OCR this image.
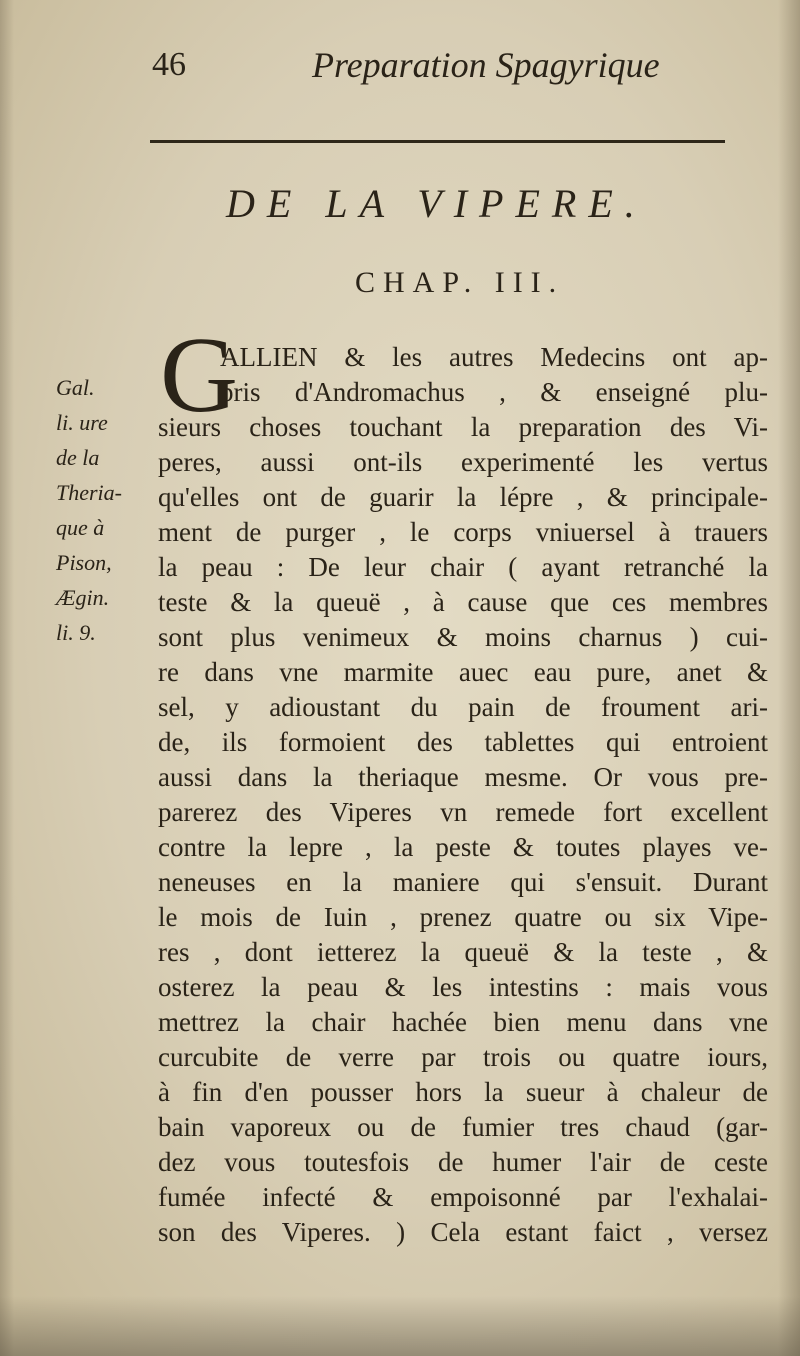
46	Preparation Spagyrique
DE LA VIPERE.
CHAP. III.
Gal.
li. ure
de la
Theria-
que à
Pison,
Ægin.
li. 9.
G
ALLIEN & les autres Medecins ont ap-
pris d'Andromachus , & enseigné plu-
sieurs choses touchant la preparation des Vi-
peres, aussi ont-ils experimenté les vertus
qu'elles ont de guarir la lépre , & principale-
ment de purger , le corps vniuersel à trauers
la peau : De leur chair ( ayant retranché la
teste & la queuë , à cause que ces membres
sont plus venimeux & moins charnus ) cui-
re dans vne marmite auec eau pure, anet &
sel, y adioustant du pain de froument ari-
de, ils formoient des tablettes qui entroient
aussi dans la theriaque mesme. Or vous pre-
parerez des Viperes vn remede fort excellent
contre la lepre , la peste & toutes playes ve-
neneuses en la maniere qui s'ensuit. Durant
le mois de Iuin , prenez quatre ou six Vipe-
res , dont ietterez la queuë & la teste , &
osterez la peau & les intestins : mais vous
mettrez la chair hachée bien menu dans vne
curcubite de verre par trois ou quatre iours,
à fin d'en pousser hors la sueur à chaleur de
bain vaporeux ou de fumier tres chaud (gar-
dez vous toutesfois de humer l'air de ceste
fumée infecté & empoisonné par l'exhalai-
son des Viperes. ) Cela estant faict , versez
